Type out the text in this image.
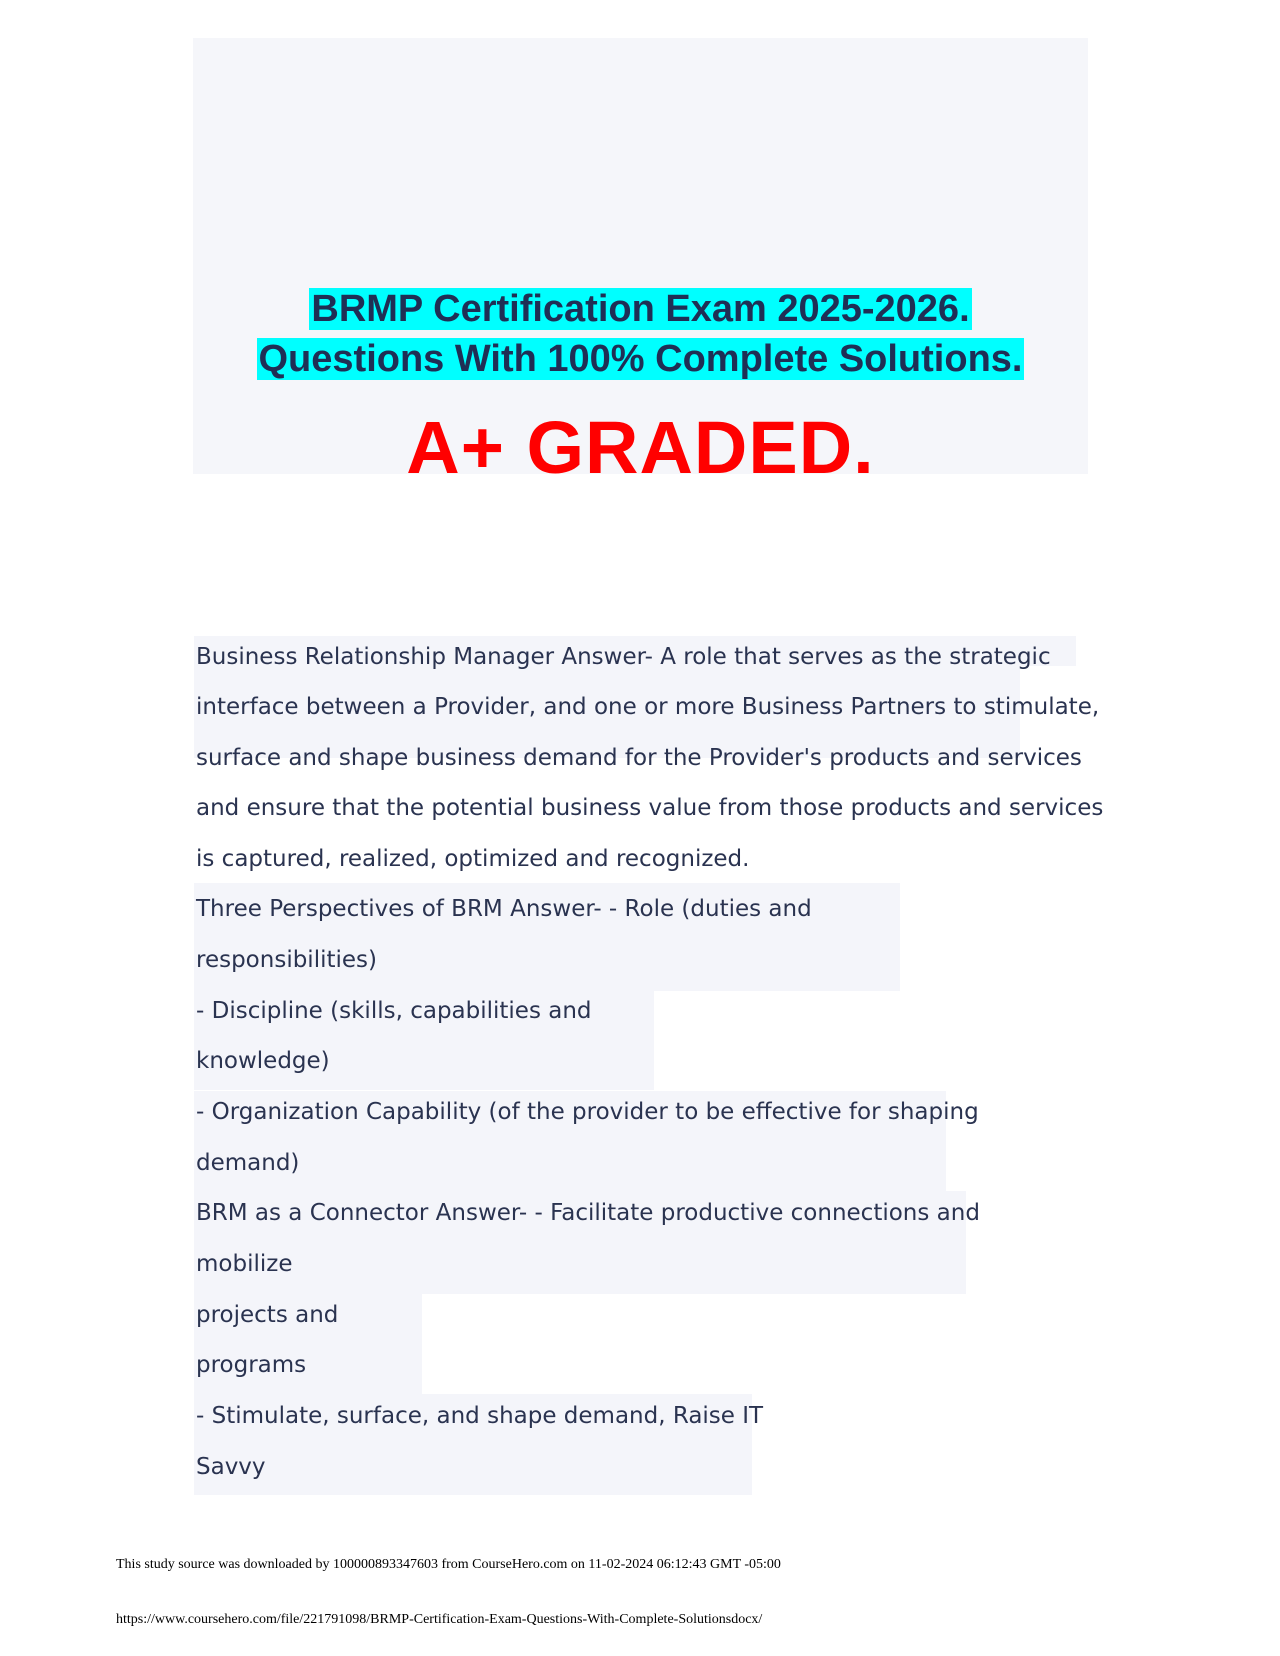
BRMP Certification Exam 2025-2026.
Questions With 100% Complete Solutions.
A+ GRADED.
Business Relationship Manager Answer- A role that serves as the strategic
interface between a Provider, and one or more Business Partners to stimulate,
surface and shape business demand for the Provider's products and services
and ensure that the potential business value from those products and services
is captured, realized, optimized and recognized.
Three Perspectives of BRM Answer- - Role (duties and
responsibilities)
- Discipline (skills, capabilities and
knowledge)
- Organization Capability (of the provider to be effective for shaping
demand)
BRM as a Connector Answer- - Facilitate productive connections and
mobilize
projects and
programs
- Stimulate, surface, and shape demand, Raise IT
Savvy
This study source was downloaded by 100000893347603 from CourseHero.com on 11-02-2024 06:12:43 GMT -05:00
https://www.coursehero.com/file/221791098/BRMP-Certification-Exam-Questions-With-Complete-Solutionsdocx/
